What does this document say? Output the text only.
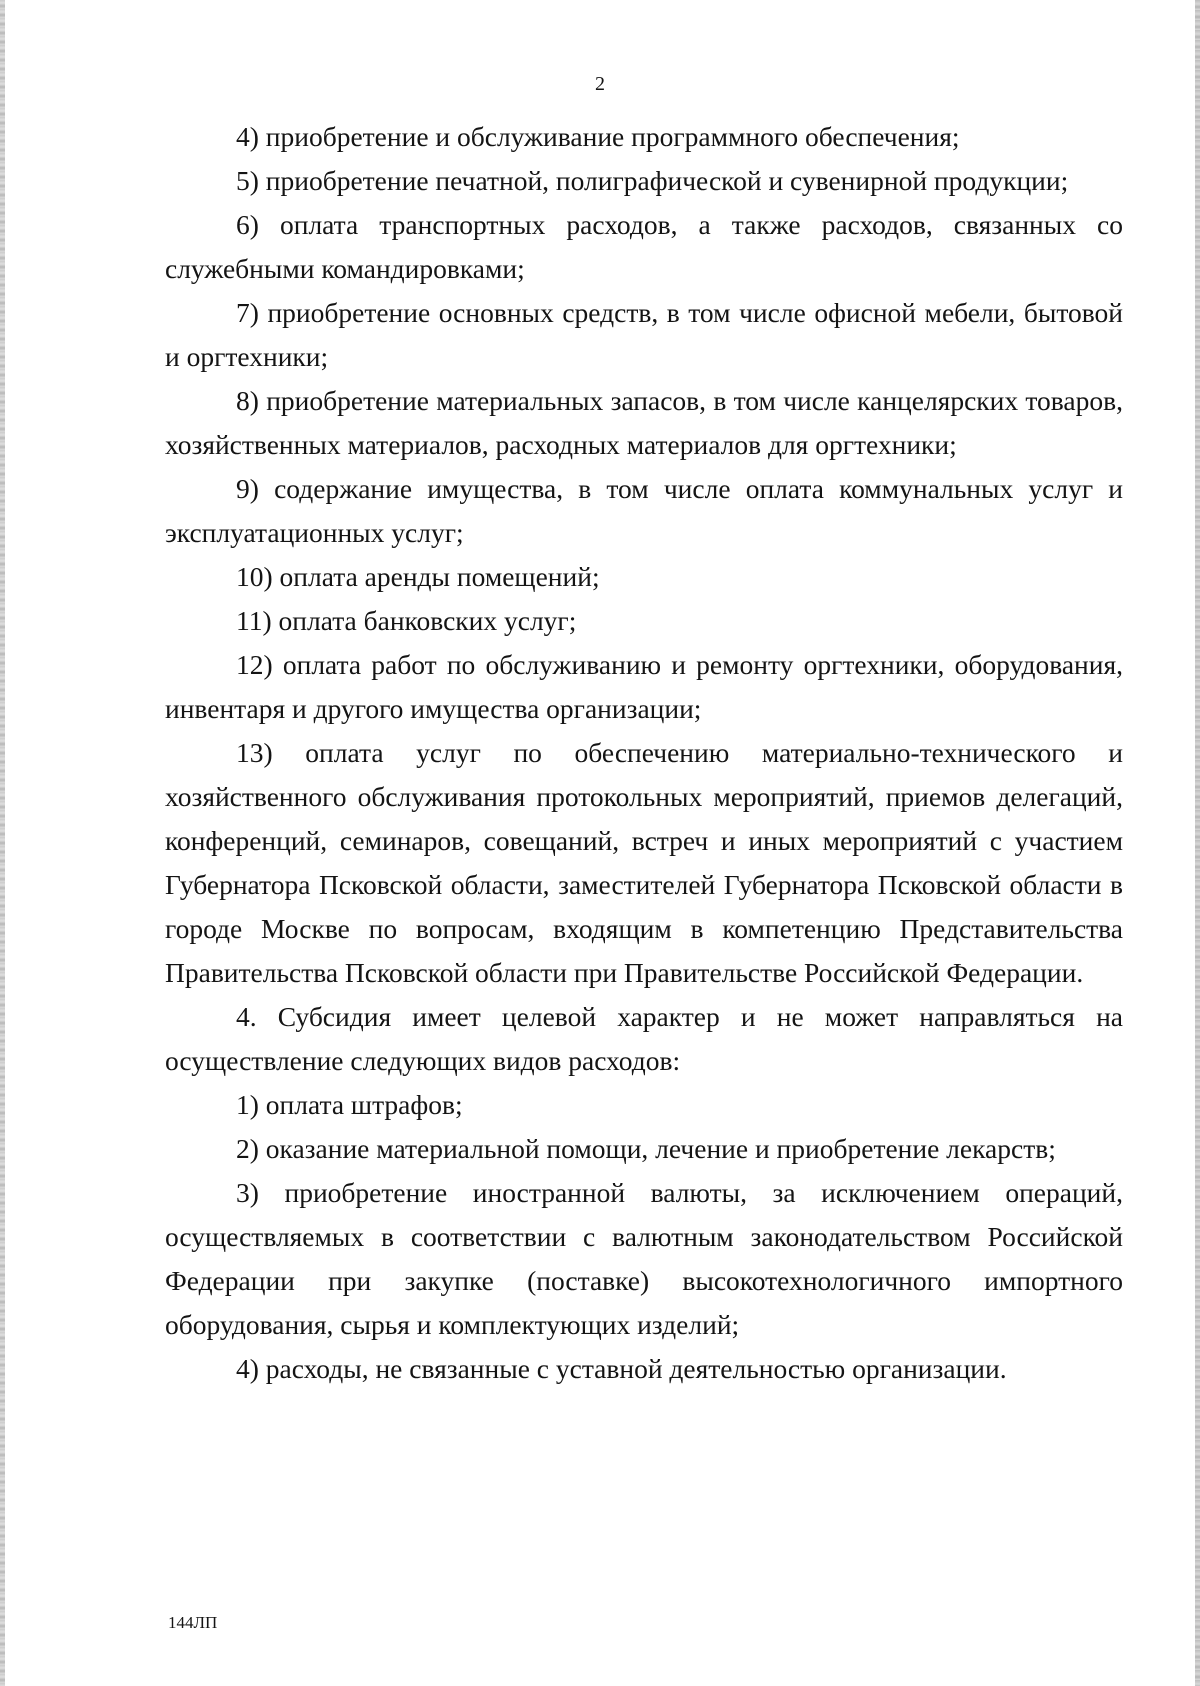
2

4) приобретение и обслуживание программного обеспечения;

5) приобретение печатной, полиграфической и сувенирной продукции;

6) оплата транспортных расходов, а также расходов, связанных со служебными командировками;

7) приобретение основных средств, в том числе офисной мебели, бытовой и оргтехники;

8) приобретение материальных запасов, в том числе канцелярских товаров, хозяйственных материалов, расходных материалов для оргтехники;

9) содержание имущества, в том числе оплата коммунальных услуг и эксплуатационных услуг;

10) оплата аренды помещений;

11) оплата банковских услуг;

12) оплата работ по обслуживанию и ремонту оргтехники, оборудования, инвентаря и другого имущества организации;

13) оплата услуг по обеспечению материально-технического и хозяйственного обслуживания протокольных мероприятий, приемов делегаций, конференций, семинаров, совещаний, встреч и иных мероприятий с участием Губернатора Псковской области, заместителей Губернатора Псковской области в городе Москве по вопросам, входящим в компетенцию Представительства Правительства Псковской области при Правительстве Российской Федерации.

4. Субсидия имеет целевой характер и не может направляться на осуществление следующих видов расходов:

1) оплата штрафов;

2) оказание материальной помощи, лечение и приобретение лекарств;

3) приобретение иностранной валюты, за исключением операций, осуществляемых в соответствии с валютным законодательством Российской Федерации при закупке (поставке) высокотехнологичного импортного оборудования, сырья и комплектующих изделий;

4) расходы, не связанные с уставной деятельностью организации.

144ЛП
